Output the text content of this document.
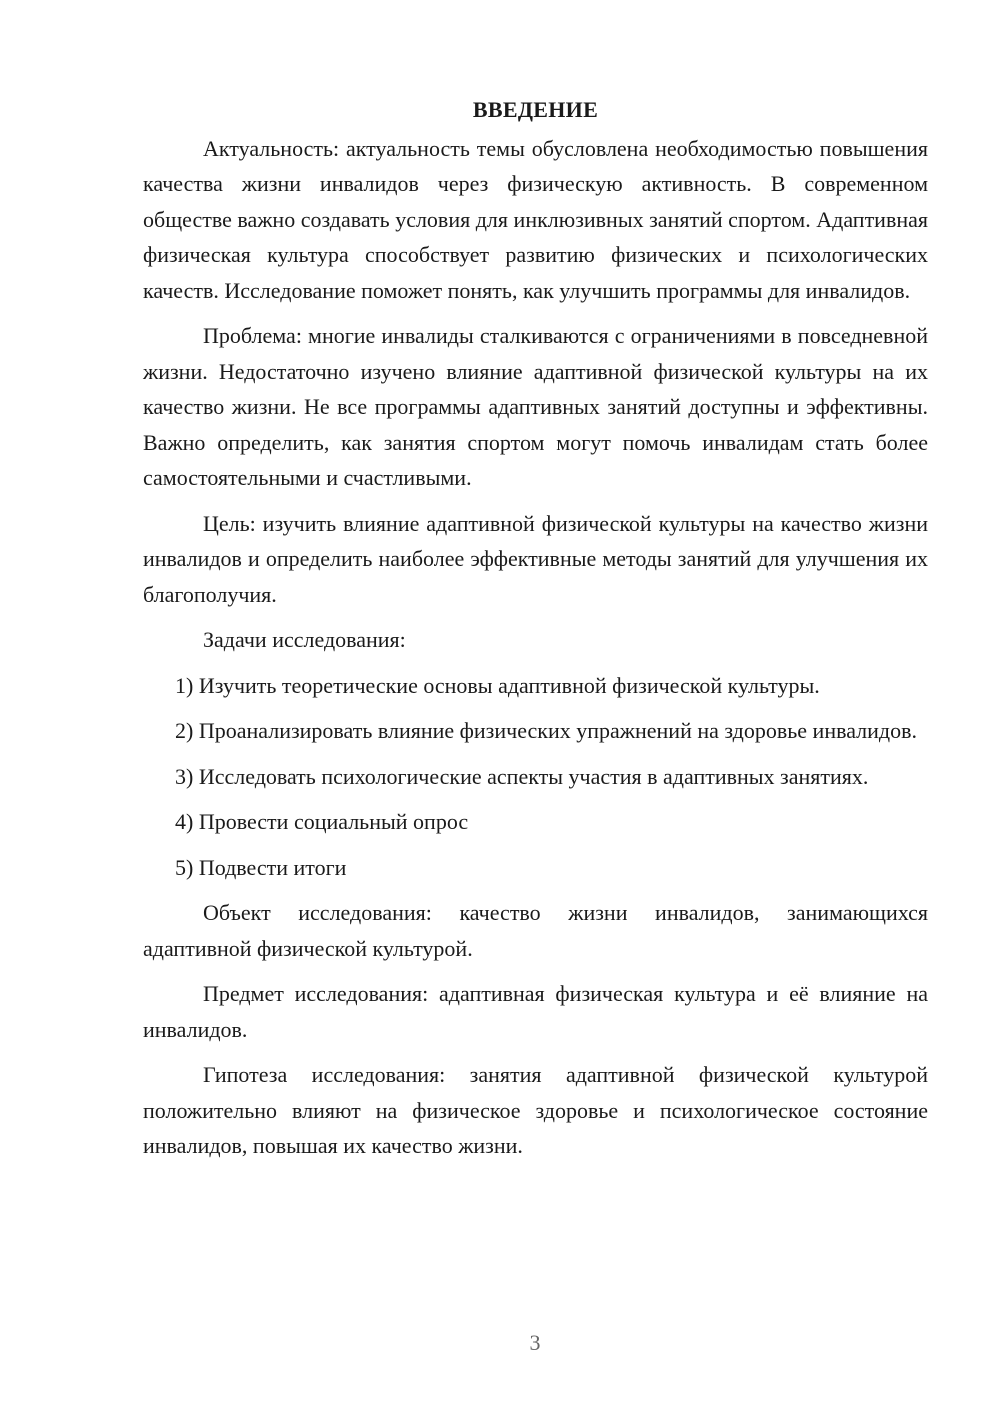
ВВЕДЕНИЕ

Актуальность: актуальность темы обусловлена необходимостью повышения качества жизни инвалидов через физическую активность. В современном обществе важно создавать условия для инклюзивных занятий спортом. Адаптивная физическая культура способствует развитию физических и психологических качеств. Исследование поможет понять, как улучшить программы для инвалидов.

Проблема: многие инвалиды сталкиваются с ограничениями в повседневной жизни. Недостаточно изучено влияние адаптивной физической культуры на их качество жизни. Не все программы адаптивных занятий доступны и эффективны. Важно определить, как занятия спортом могут помочь инвалидам стать более самостоятельными и счастливыми.

Цель: изучить влияние адаптивной физической культуры на качество жизни инвалидов и определить наиболее эффективные методы занятий для улучшения их благополучия.

Задачи исследования:

1) Изучить теоретические основы адаптивной физической культуры.

2) Проанализировать влияние физических упражнений на здоровье инвалидов.

3) Исследовать психологические аспекты участия в адаптивных занятиях.

4) Провести социальный опрос

5) Подвести итоги

Объект исследования: качество жизни инвалидов, занимающихся адаптивной физической культурой.

Предмет исследования: адаптивная физическая культура и её влияние на инвалидов.

Гипотеза исследования: занятия адаптивной физической культурой положительно влияют на физическое здоровье и психологическое состояние инвалидов, повышая их качество жизни.

3
